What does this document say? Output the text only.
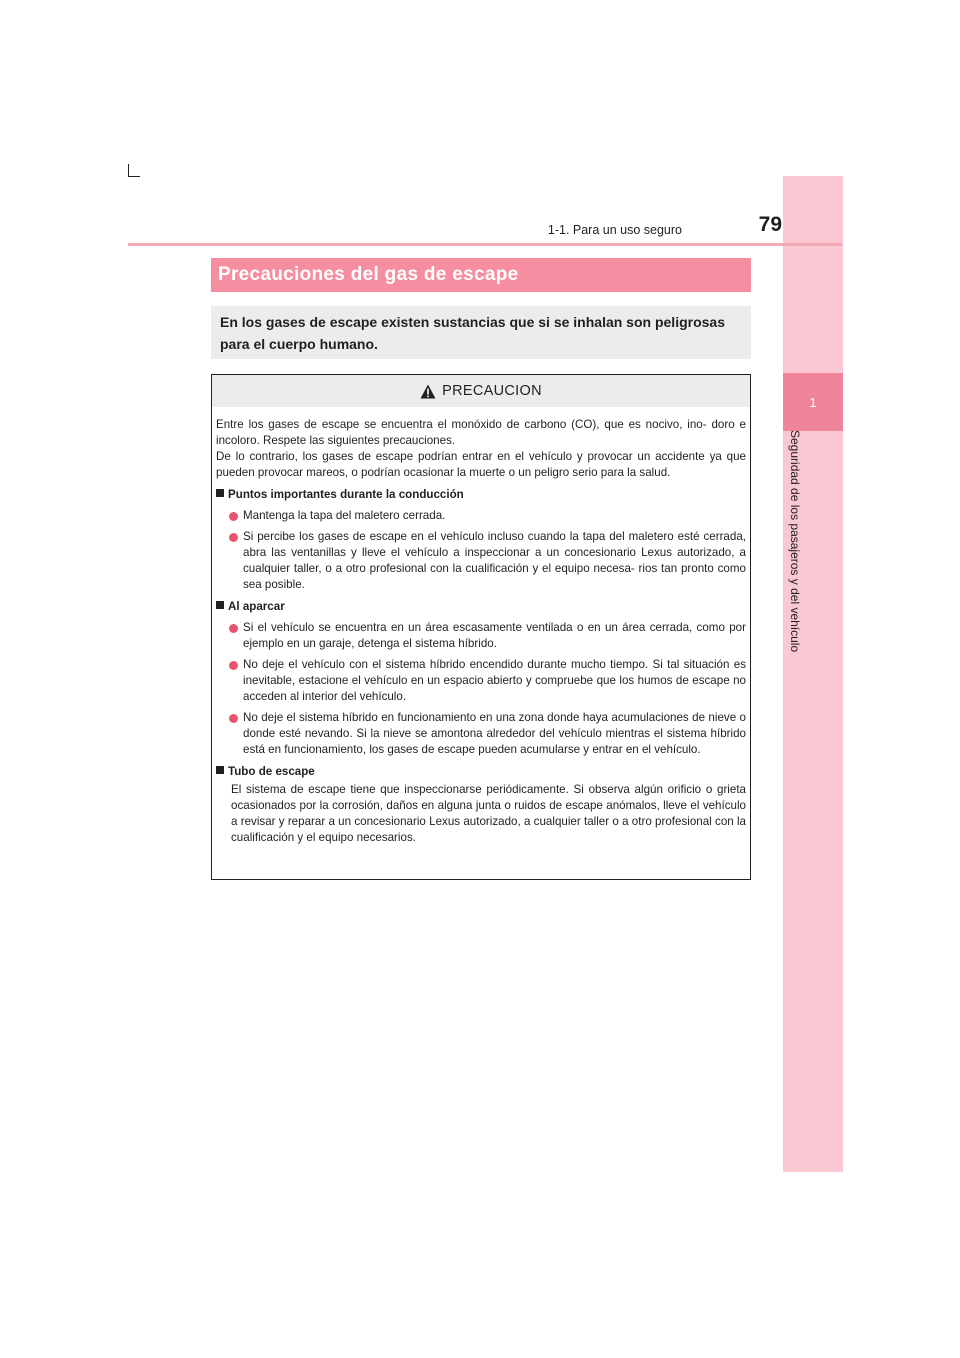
1
Seguridad de los pasajeros y del vehículo
1-1. Para un uso seguro	79
Precauciones del gas de escape
En los gases de escape existen sustancias que si se inhalan son peligrosas para el cuerpo humano.
PRECAUCION

Entre los gases de escape se encuentra el monóxido de carbono (CO), que es nocivo, ino- doro e incoloro. Respete las siguientes precauciones.

De lo contrario, los gases de escape podrían entrar en el vehículo y provocar un accidente ya que pueden provocar mareos, o podrían ocasionar la muerte o un peligro serio para la salud.

Puntos importantes durante la conducción

Mantenga la tapa del maletero cerrada.

Si percibe los gases de escape en el vehículo incluso cuando la tapa del maletero esté cerrada, abra las ventanillas y lleve el vehículo a inspeccionar a un concesionario Lexus autorizado, a cualquier taller, o a otro profesional con la cualificación y el equipo necesa- rios tan pronto como sea posible.

Al aparcar

Si el vehículo se encuentra en un área escasamente ventilada o en un área cerrada, como por ejemplo en un garaje, detenga el sistema híbrido.

No deje el vehículo con el sistema híbrido encendido durante mucho tiempo. Si tal situación es inevitable, estacione el vehículo en un espacio abierto y compruebe que los humos de escape no acceden al interior del vehículo.

No deje el sistema híbrido en funcionamiento en una zona donde haya acumulaciones de nieve o donde esté nevando. Si la nieve se amontona alrededor del vehículo mientras el sistema híbrido está en funcionamiento, los gases de escape pueden acumularse y entrar en el vehículo.

Tubo de escape

El sistema de escape tiene que inspeccionarse periódicamente. Si observa algún orificio o grieta ocasionados por la corrosión, daños en alguna junta o ruidos de escape anómalos, lleve el vehículo a revisar y reparar a un concesionario Lexus autorizado, a cualquier taller o a otro profesional con la cualificación y el equipo necesarios.
